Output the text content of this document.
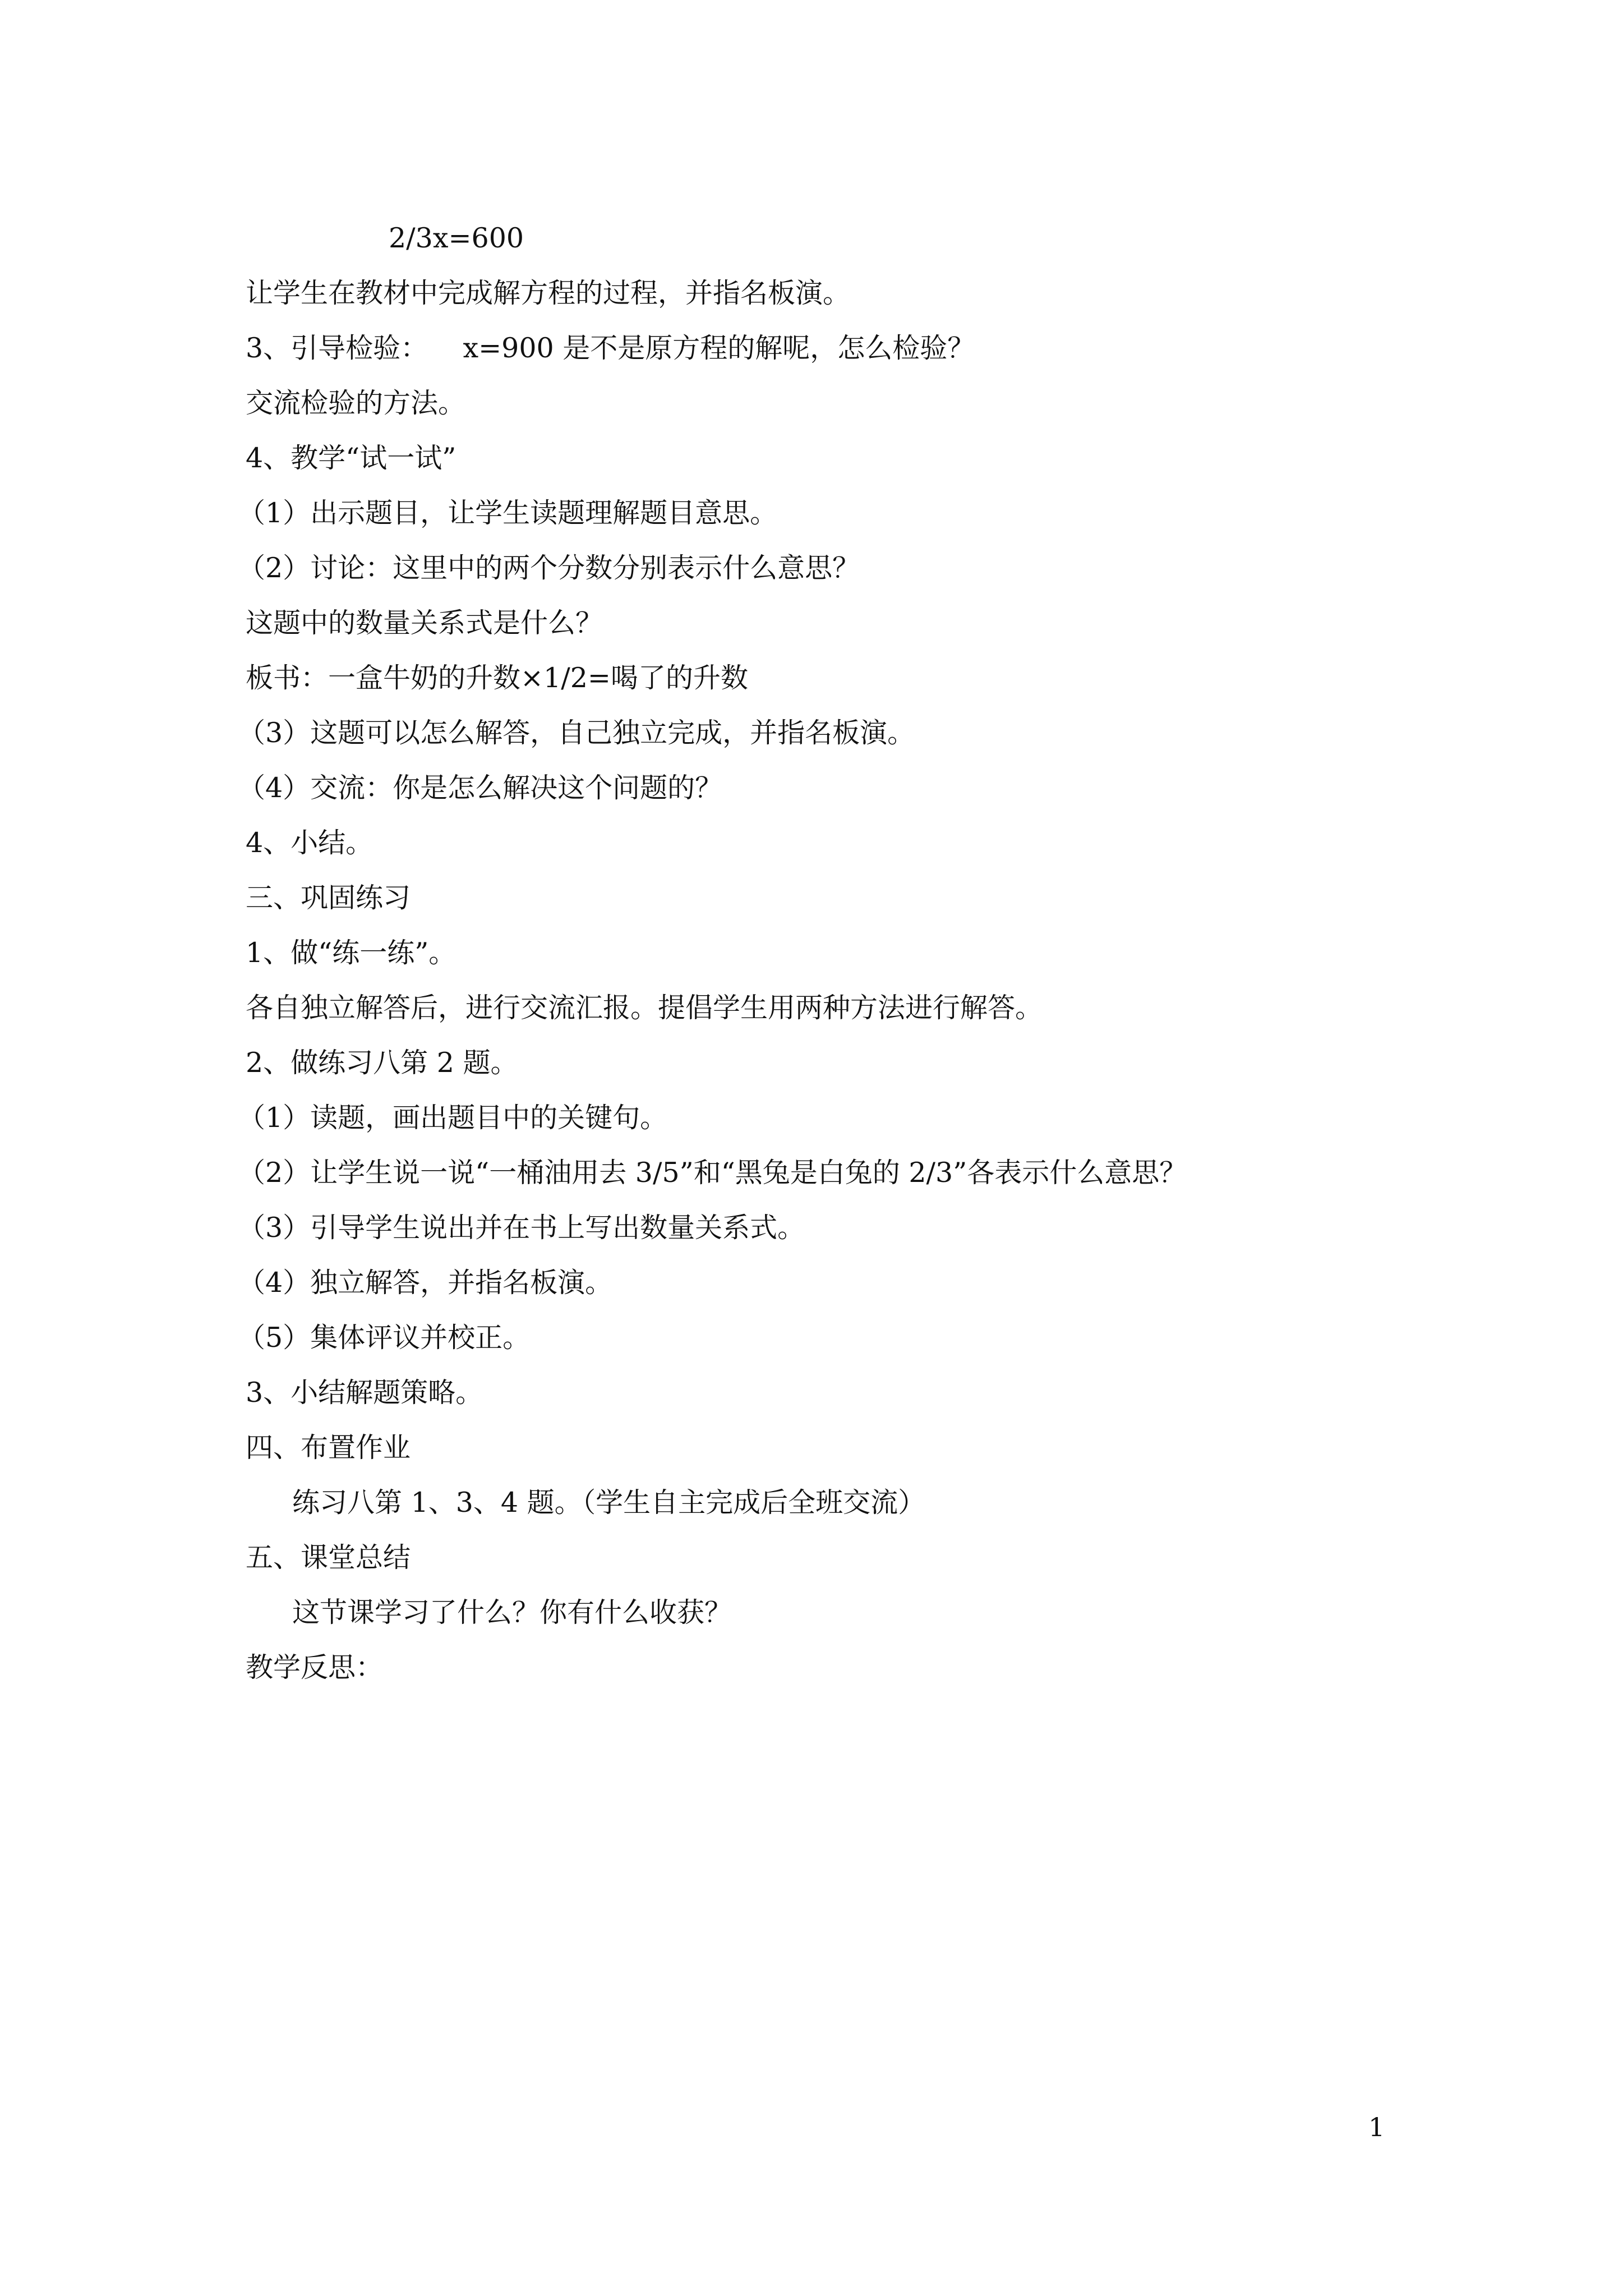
2/3x=600
让学生在教材中完成解方程的过程，并指名板演。
3、引导检验：    x=900 是不是原方程的解呢，怎么检验？
交流检验的方法。
4、教学“试一试”
（1）出示题目，让学生读题理解题目意思。
（2）讨论：这里中的两个分数分别表示什么意思？
这题中的数量关系式是什么？
板书：一盒牛奶的升数×1/2=喝了的升数
（3）这题可以怎么解答，自己独立完成，并指名板演。
（4）交流：你是怎么解决这个问题的？
4、小结。
三、巩固练习
1、做“练一练”。
各自独立解答后，进行交流汇报。提倡学生用两种方法进行解答。
2、做练习八第 2 题。
（1）读题，画出题目中的关键句。
（2）让学生说一说“一桶油用去 3/5”和“黑兔是白兔的 2/3”各表示什么意思？
（3）引导学生说出并在书上写出数量关系式。
（4）独立解答，并指名板演。
（5）集体评议并校正。
3、小结解题策略。
四、布置作业
练习八第 1、3、4 题。（学生自主完成后全班交流）
五、课堂总结
这节课学习了什么？你有什么收获？
教学反思：
1
